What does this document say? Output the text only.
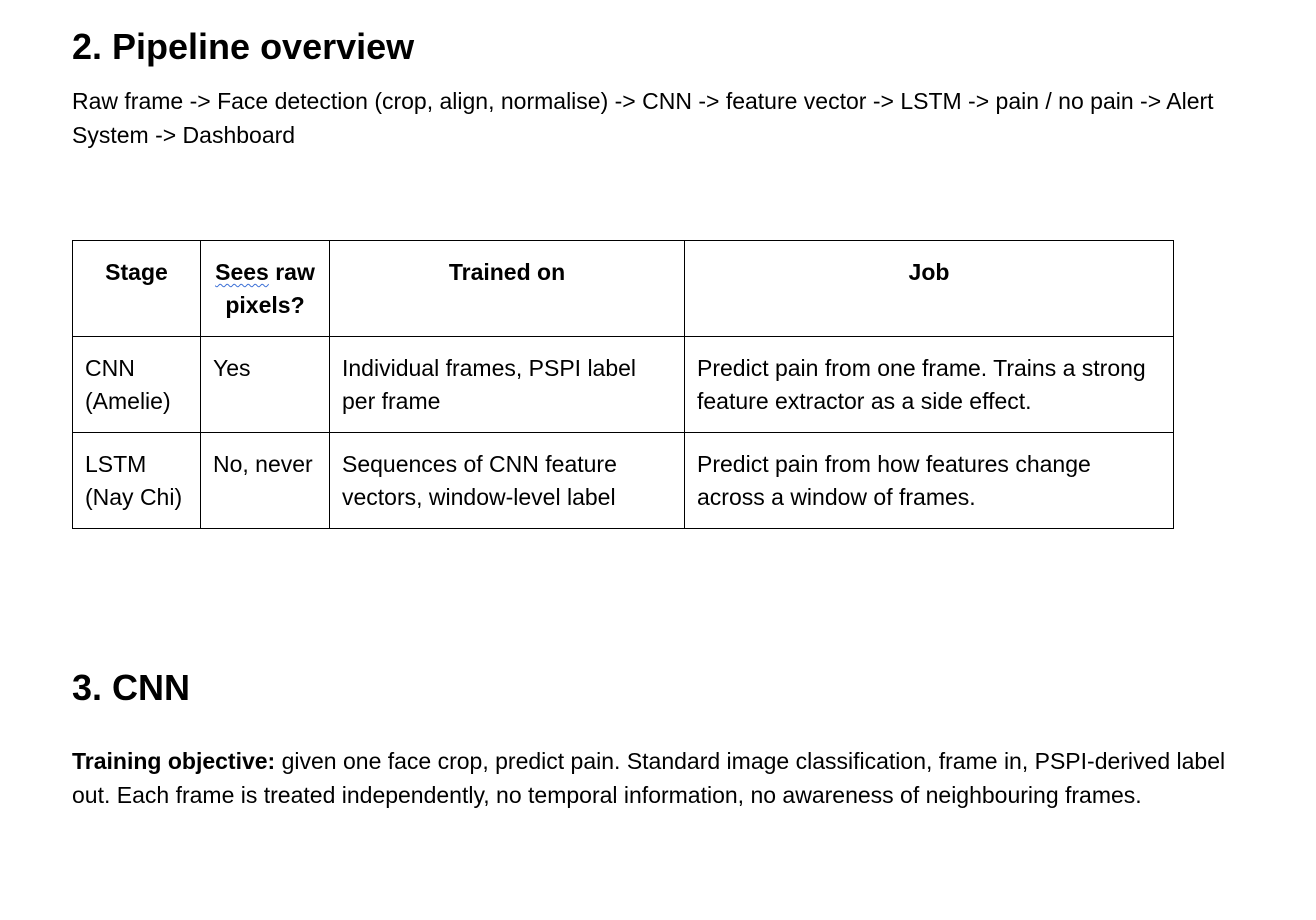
2. Pipeline overview

Raw frame -> Face detection (crop, align, normalise) -> CNN -> feature vector -> LSTM -> pain / no pain -> Alert System -> Dashboard

Stage	Sees raw pixels?	Trained on	Job
CNN (Amelie)	Yes	Individual frames, PSPI label per frame	Predict pain from one frame. Trains a strong feature extractor as a side effect.
LSTM (Nay Chi)	No, never	Sequences of CNN feature vectors, window-level label	Predict pain from how features change across a window of frames.
3. CNN

Training objective: given one face crop, predict pain. Standard image classification, frame in, PSPI-derived label out. Each frame is treated independently, no temporal information, no awareness of neighbouring frames.
